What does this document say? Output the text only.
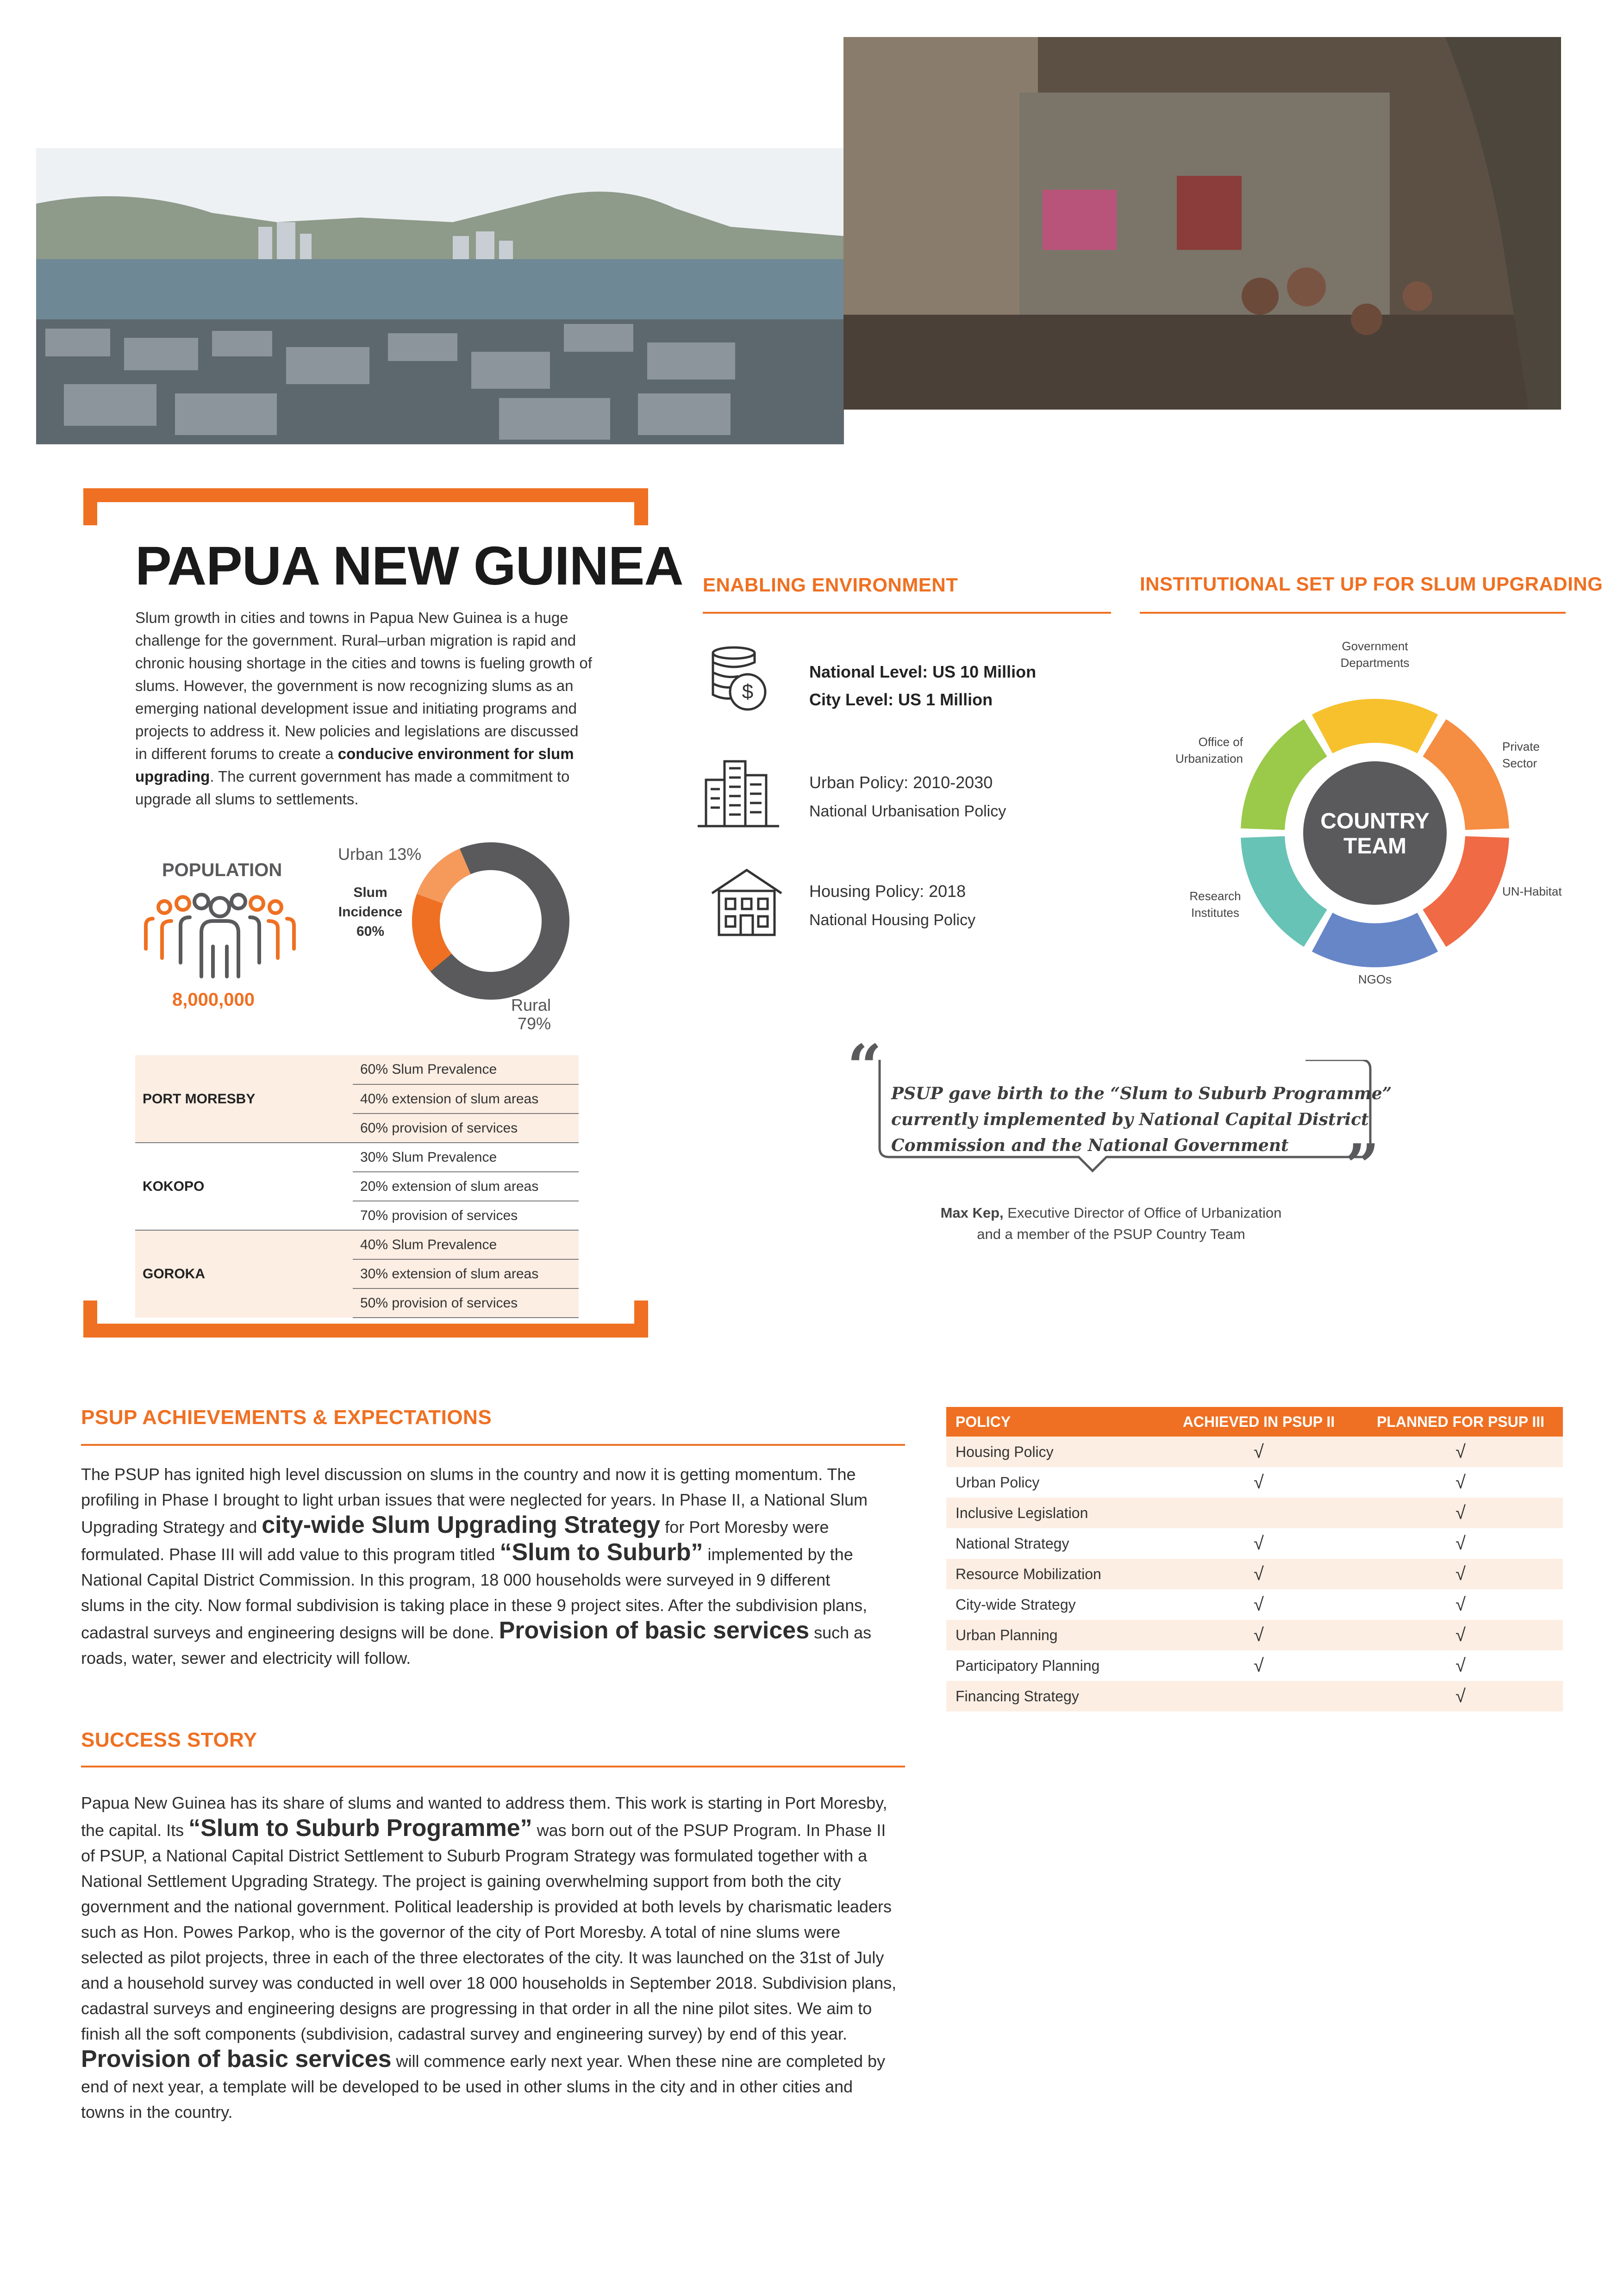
PAPUA NEW GUINEA
Slum growth in cities and towns in Papua New Guinea is a huge challenge for the government. Rural–urban migration is rapid and chronic housing shortage in the cities and towns is fueling growth of slums. However, the government is now recognizing slums as an emerging national development issue and initiating programs and projects to address it. New policies and legislations are discussed in different forums to create a conducive environment for slum upgrading. The current government has made a commitment to upgrade all slums to settlements.
POPULATION
8,000,000
Urban 13%
Slum
Incidence
60%
Rural
79%
	60% Slum Prevalence
PORT MORESBY	40% extension of slum areas
	60% provision of services
	30% Slum Prevalence
KOKOPO	20% extension of slum areas
	70% provision of services
	40% Slum Prevalence
GOROKA	30% extension of slum areas
	50% provision of services
ENABLING ENVIRONMENT
$
National Level: US 10 Million
City Level: US 1 Million
Urban Policy: 2010-2030
National Urbanisation Policy
Housing Policy: 2018
National Housing Policy
INSTITUTIONAL SET UP FOR SLUM UPGRADING
COUNTRY
TEAM
Government
Departments
Private
Sector
UN-Habitat
NGOs
Research
Institutes
Office of
Urbanization
“ PSUP gave birth to the “Slum to Suburb Programme”
currently implemented by National Capital District
Commission and the National Government ”
Max Kep, Executive Director of Office of Urbanization
and a member of the PSUP Country Team
PSUP ACHIEVEMENTS & EXPECTATIONS
The PSUP has ignited high level discussion on slums in the country and now it is getting momentum. The profiling in Phase I brought to light urban issues that were neglected for years. In Phase II, a National Slum Upgrading Strategy and city-wide Slum Upgrading Strategy for Port Moresby were formulated. Phase III will add value to this program titled “Slum to Suburb” implemented by the National Capital District Commission. In this program, 18 000 households were surveyed in 9 different slums in the city. Now formal subdivision is taking place in these 9 project sites. After the subdivision plans, cadastral surveys and engineering designs will be done. Provision of basic services such as roads, water, sewer and electricity will follow.
SUCCESS STORY
Papua New Guinea has its share of slums and wanted to address them. This work is starting in Port Moresby, the capital. Its “Slum to Suburb Programme” was born out of the PSUP Program. In Phase II of PSUP, a National Capital District Settlement to Suburb Program Strategy was formulated together with a National Settlement Upgrading Strategy. The project is gaining overwhelming support from both the city government and the national government. Political leadership is provided at both levels by charismatic leaders such as Hon. Powes Parkop, who is the governor of the city of Port Moresby. A total of nine slums were selected as pilot projects, three in each of the three electorates of the city. It was launched on the 31st of July and a household survey was conducted in well over 18 000 households in September 2018. Subdivision plans, cadastral surveys and engineering designs are progressing in that order in all the nine pilot sites. We aim to finish all the soft components (subdivision, cadastral survey and engineering survey) by end of this year. Provision of basic services will commence early next year. When these nine are completed by end of next year, a template will be developed to be used in other slums in the city and in other cities and towns in the country.
POLICY	ACHIEVED IN PSUP II	PLANNED FOR PSUP III
Housing Policy	√	√
Urban Policy	√	√
Inclusive Legislation		√
National Strategy	√	√
Resource Mobilization	√	√
City-wide Strategy	√	√
Urban Planning	√	√
Participatory Planning	√	√
Financing Strategy		√
